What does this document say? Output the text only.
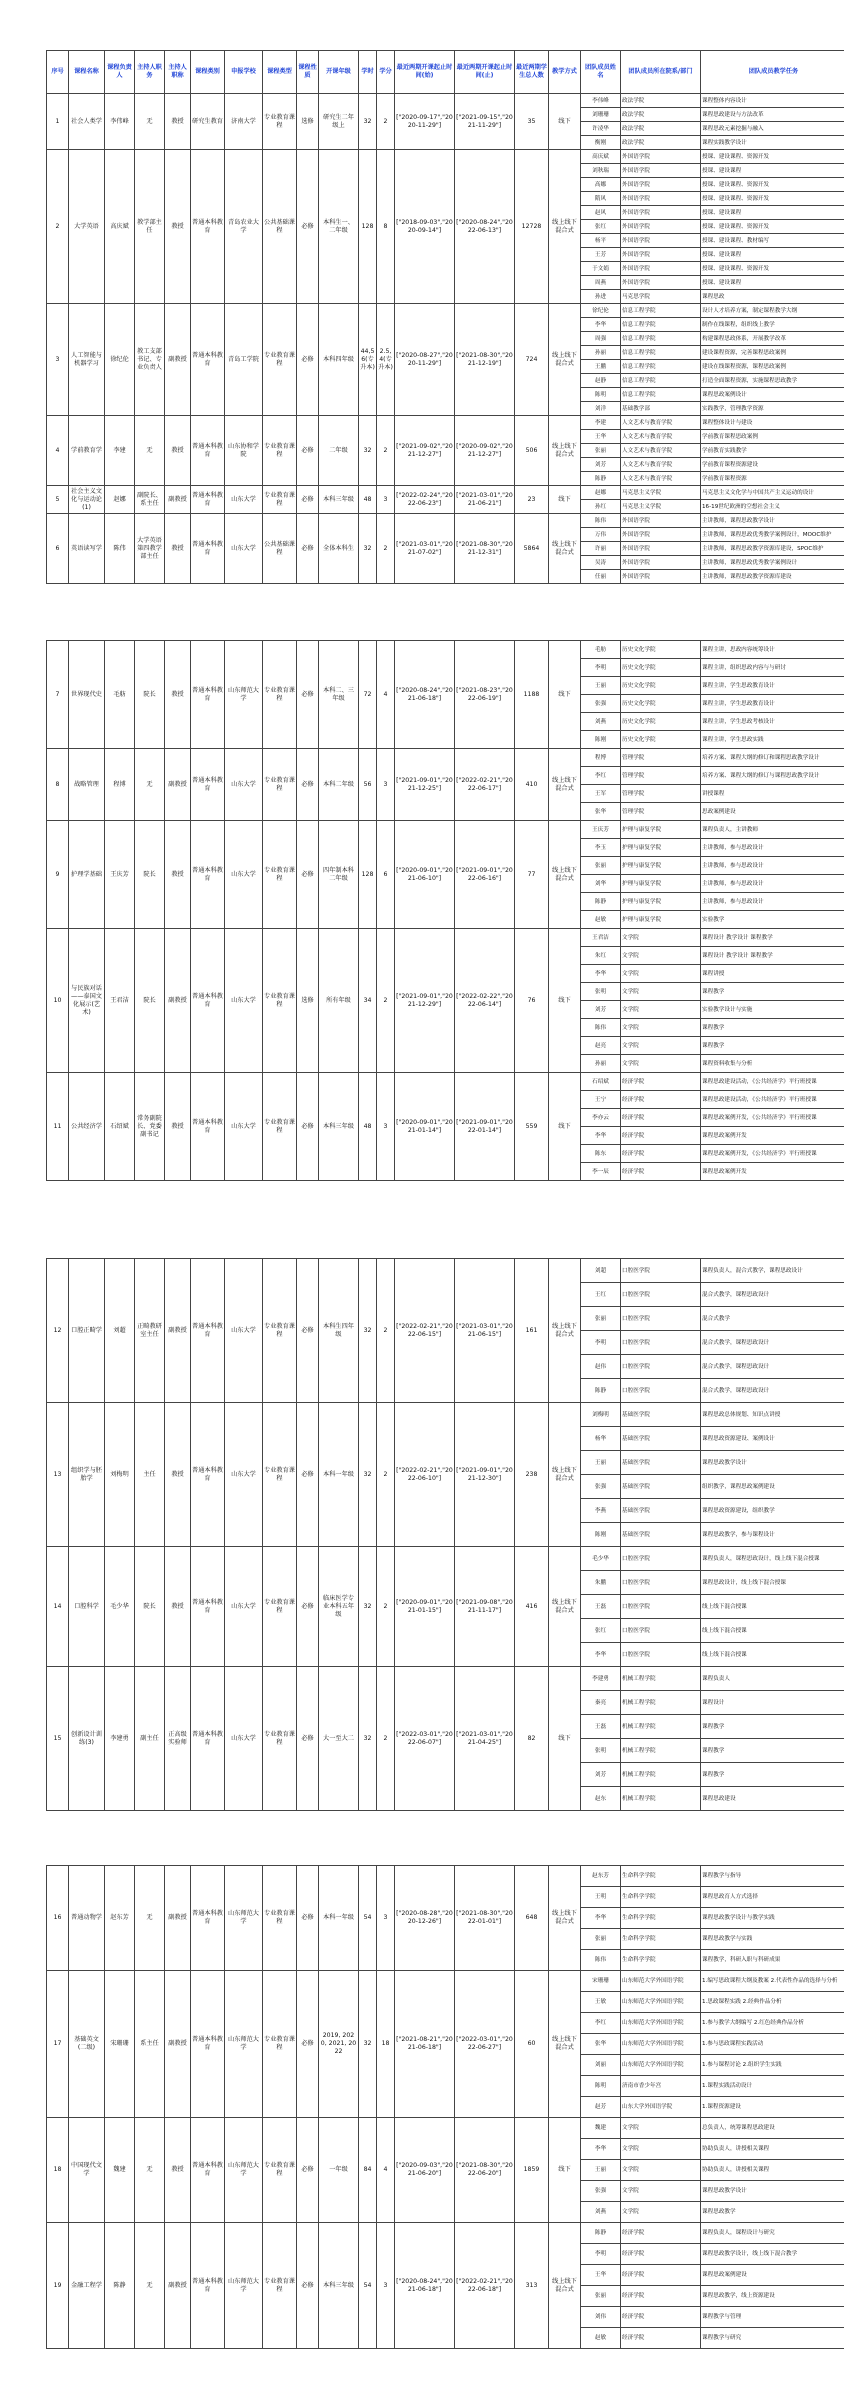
序号	课程名称	课程负责人	主持人职务	主持人职称	课程类别	申报学校	课程类型	课程性质	开课年级	学时	学分	最近两期开课起止时间(始)	最近两期开课起止时间(止)	最近两期学生总人数	教学方式	团队成员姓名	团队成员所在院系/部门	团队成员教学任务
1	社会人类学	李伟峰	无	教授	研究生教育	济南大学	专业教育课程	选修	研究生二年级上	32	2	["2020-09-17","2020-11-29"]	["2021-09-15","2021-11-29"]	35	线下	李伟峰	政法学院	课程整体内容设计
																刘珊珊	政法学院	课程思政建设与方法改革
																许凌华	政法学院	课程思政元素挖掘与融入
																衡刚	政法学院	课程实践教学设计
2	大学英语	高庆斌	教学部主任	教授	普通本科教育	青岛农业大学	公共基础课程	必修	本科生一、二年级	128	8	["2018-09-03","2020-09-14"]	["2020-08-24","2022-06-13"]	12728	线上线下混合式	高庆斌	外国语学院	授课、建设课程、资源开发
																刘秋瑞	外国语学院	授课、建设课程
																高娜	外国语学院	授课、建设课程、资源开发
																隋风	外国语学院	授课、建设课程、资源开发
																赵风	外国语学院	授课、建设课程
																张红	外国语学院	授课、建设课程、资源开发
																杨平	外国语学院	授课、建设课程、教材编写
																王芳	外国语学院	授课、建设课程
																于文娟	外国语学院	授课、建设课程、资源开发
																周燕	外国语学院	授课、建设课程
																孙进	马克思学院	课程思政
3	人工智能与机器学习	徐纪伦	教工支部书记、专业负责人	副教授	普通本科教育	青岛工学院	专业教育课程	必修	本科四年级	44,56(专升本)	2.5,4(专升本)	["2020-08-27","2020-11-29"]	["2021-08-30","2021-12-19"]	724	线上线下混合式	徐纪伦	信息工程学院	设计人才培养方案，制定课程教学大纲
																李华	信息工程学院	制作在线课程，组织线上教学
																周强	信息工程学院	构建课程思政体系，开展教学改革
																孙丽	信息工程学院	建设课程资源，完善课程思政案例
																王鹏	信息工程学院	建设在线课程资源，课程思政案例
																赵静	信息工程学院	打造全面课程资源，实施课程思政教学
																陈明	信息工程学院	课程思政案例设计
																刘洋	基础教学部	实践教学，管理教学资源
4	学前教育学	李建	无	教授	普通本科教育	山东协和学院	专业教育课程	必修	二年级	32	2	["2021-09-02","2021-12-27"]	["2020-09-02","2021-12-27"]	506	线上线下混合式	李建	人文艺术与教育学院	课程整体设计与建设
																王华	人文艺术与教育学院	学前教育课程思政案例
																张丽	人文艺术与教育学院	学前教育实践教学
																刘芳	人文艺术与教育学院	学前教育课程资源建设
																陈静	人文艺术与教育学院	学前教育课程资源
5	社会主义文化与运动论(1)	赵娜	副院长、系主任	副教授	普通本科教育	山东大学	专业教育课程	必修	本科三年级	48	3	["2022-02-24","2022-06-23"]	["2021-03-01","2021-06-21"]	23	线下	赵娜	马克思主义学院	马克思主义文化学与中国共产主义运动的设计
																孙红	马克思主义学院	16-19世纪欧洲的空想社会主义
6	英语读写学	陈伟	大学英语第四教学部主任	教授	普通本科教育	山东大学	公共基础课程	必修	全体本科生	32	2	["2021-03-01","2021-07-02"]	["2021-08-30","2021-12-31"]	5864	线上线下混合式	陈伟	外国语学院	主讲教师，课程思政教学设计
																万伟	外国语学院	主讲教师，课程思政优秀教学案例设计，MOOC维护
																许丽	外国语学院	主讲教师，课程思政教学资源库建设，SPOC维护
																吴涛	外国语学院	主讲教师，课程思政优秀教学案例设计
																任丽	外国语学院	主讲教师，课程思政教学资源库建设
7	世界现代史	毛舫	院长	教授	普通本科教育	山东师范大学	专业教育课程	必修	本科二、三年级	72	4	["2020-08-24","2021-06-18"]	["2021-08-23","2022-06-19"]	1188	线下	毛舫	历史文化学院	课程主讲，思政内容统筹设计
																李明	历史文化学院	课程主讲，组织思政内容与与研讨
																王丽	历史文化学院	课程主讲，学生思政教育设计
																张强	历史文化学院	课程主讲，学生思政教育设计
																刘燕	历史文化学院	课程主讲，学生思政考核设计
																陈刚	历史文化学院	课程主讲，学生思政实践
8	战略管理	程博	无	副教授	普通本科教育	山东大学	专业教育课程	必修	本科二年级	56	3	["2021-09-01","2021-12-25"]	["2022-02-21","2022-06-17"]	410	线上线下混合式	程博	管理学院	培养方案、课程大纲的修订和课程思政教学设计
																李红	管理学院	培养方案、课程大纲的修订与课程思政教学设计
																王军	管理学院	讲授课程
																张华	管理学院	思政案例建设
9	护理学基础	王庆芳	院长	教授	普通本科教育	山东大学	专业教育课程	必修	四年制本科二年级	128	6	["2020-09-01","2021-06-10"]	["2021-09-01","2022-06-16"]	77	线上线下混合式	王庆芳	护理与康复学院	课程负责人，主讲教师
																李玉	护理与康复学院	主讲教师，参与思政设计
																张丽	护理与康复学院	主讲教师，参与思政设计
																刘华	护理与康复学院	主讲教师，参与思政设计
																陈静	护理与康复学院	主讲教师，参与思政设计
																赵敏	护理与康复学院	实验教学
10	与民族对话——泰国文化展示(艺术)	王君洁	院长	副教授	普通本科教育	山东大学	专业教育课程	选修	所有年级	34	2	["2021-09-01","2021-12-29"]	["2022-02-22","2022-06-14"]	76	线下	王君洁	文学院	课程设计 教学设计 课程教学
																朱红	文学院	课程设计 教学设计 课程教学
																李华	文学院	课程讲授
																张明	文学院	课程教学
																刘芳	文学院	实验教学设计与实施
																陈伟	文学院	课程教学
																赵亮	文学院	课程教学
																孙丽	文学院	课程资料收集与分析
11	公共经济学	石绍斌	常务副院长、党委副书记	教授	普通本科教育	山东大学	专业教育课程	必修	本科三年级	48	3	["2020-09-01","2021-01-14"]	["2021-09-01","2022-01-14"]	559	线下	石绍斌	经济学院	课程思政建设活动，《公共经济学》平行班授课
																王宁	经济学院	课程思政建设活动，《公共经济学》平行班授课
																李亦云	经济学院	课程思政案例开发，《公共经济学》平行班授课
																李华	经济学院	课程思政案例开发
																陈东	经济学院	课程思政案例开发，《公共经济学》平行班授课
																李一辰	经济学院	课程思政案例开发
12	口腔正畸学	刘超	正畸教研室主任	副教授	普通本科教育	山东大学	专业教育课程	必修	本科生四年级	32	2	["2022-02-21","2022-06-15"]	["2021-03-01","2021-06-15"]	161	线上线下混合式	刘超	口腔医学院	课程负责人，混合式教学，课程思政设计
																王红	口腔医学院	混合式教学，课程思政设计
																张丽	口腔医学院	混合式教学
																李明	口腔医学院	混合式教学，课程思政设计
																赵伟	口腔医学院	混合式教学，课程思政设计
																陈静	口腔医学院	混合式教学，课程思政设计
13	组织学与胚胎学	刘梅明	主任	教授	普通本科教育	山东大学	专业教育课程	必修	本科一年级	32	2	["2022-02-21","2022-06-10"]	["2021-09-01","2021-12-30"]	238	线上线下混合式	刘梅明	基础医学院	课程思政总体规划、知识点讲授
																杨华	基础医学院	课程思政资源建设、案例设计
																王丽	基础医学院	课程思政教学设计
																张强	基础医学院	组织教学，课程思政案例建设
																李燕	基础医学院	课程思政资源建设，组织教学
																陈刚	基础医学院	课程思政教学，参与课程设计
14	口腔科学	毛少华	院长	教授	普通本科教育	山东大学	专业教育课程	必修	临床医学专业本科五年级	32	2	["2020-09-01","2021-01-15"]	["2021-09-08","2021-11-17"]	416	线上线下混合式	毛少华	口腔医学院	课程负责人，课程思政设计，线上线下混合授课
																朱鹏	口腔医学院	课程思政设计，线上线下混合授课
																王磊	口腔医学院	线上线下混合授课
																张红	口腔医学院	线上线下混合授课
																李华	口腔医学院	线上线下混合授课
15	创新设计训练(3)	李建勇	副主任	正高级实验师	普通本科教育	山东大学	专业教育课程	必修	大一至大二	32	2	["2022-03-01","2022-06-07"]	["2021-03-01","2021-04-25"]	82	线下	李建勇	机械工程学院	课程负责人
																秦亮	机械工程学院	课程设计
																王磊	机械工程学院	课程教学
																张明	机械工程学院	课程教学
																刘芳	机械工程学院	课程教学
																赵东	机械工程学院	课程思政建设
16	普通动物学	赵东芳	无	副教授	普通本科教育	山东师范大学	专业教育课程	必修	本科一年级	54	3	["2020-08-28","2020-12-26"]	["2021-08-30","2022-01-01"]	648	线上线下混合式	赵东芳	生命科学学院	课程教学与指导
																王明	生命科学学院	课程思政育人方式选择
																李华	生命科学学院	课程思政教学设计与教学实践
																张丽	生命科学学院	课程思政教学与实践
																陈伟	生命科学学院	课程教学，科研入职与科研成果
17	基础英文(二级)	宋珊珊	系主任	副教授	普通本科教育	山东师范大学	专业教育课程	必修	2019, 2020, 2021, 2022	32	18	["2021-08-21","2021-06-18"]	["2022-03-01","2022-06-27"]	60	线上线下混合式	宋珊珊	山东师范大学外国语学院	1.编写思政课程大纲及教案 2.代表性作品的选择与分析
																王敏	山东师范大学外国语学院	1.思政课程实践 2.经典作品分析
																李红	山东师范大学外国语学院	1.参与教学大纲编写 2.红色经典作品分析
																张华	山东师范大学外国语学院	1.参与思政课程实践活动
																刘丽	山东师范大学外国语学院	1.参与课程讨论 2.组织学生实践
																陈明	济南市香少年宫	1.课程实践活动设计
																赵芳	山东大学外国语学院	1.课程资源建设
18	中国现代文学	魏建	无	教授	普通本科教育	山东师范大学	专业教育课程	必修	一年级	84	4	["2020-09-03","2021-06-20"]	["2021-08-30","2022-06-20"]	1859	线下	魏建	文学院	总负责人，统筹课程思政建设
																李华	文学院	协助负责人，讲授相关课程
																王丽	文学院	协助负责人，讲授相关课程
																张强	文学院	课程思政教学设计
																刘燕	文学院	课程思政教学
19	金融工程学	陈静	无	副教授	普通本科教育	山东师范大学	专业教育课程	必修	本科三年级	54	3	["2020-08-24","2021-06-18"]	["2022-02-21","2022-06-18"]	313	线上线下混合式	陈静	经济学院	课程负责人，课程设计与研究
																李明	经济学院	课程思政教学设计，线上线下混合教学
																王华	经济学院	课程思政案例建设
																张丽	经济学院	课程思政教学，线上资源建设
																刘伟	经济学院	课程教学与管理
																赵敏	经济学院	课程教学与研究
